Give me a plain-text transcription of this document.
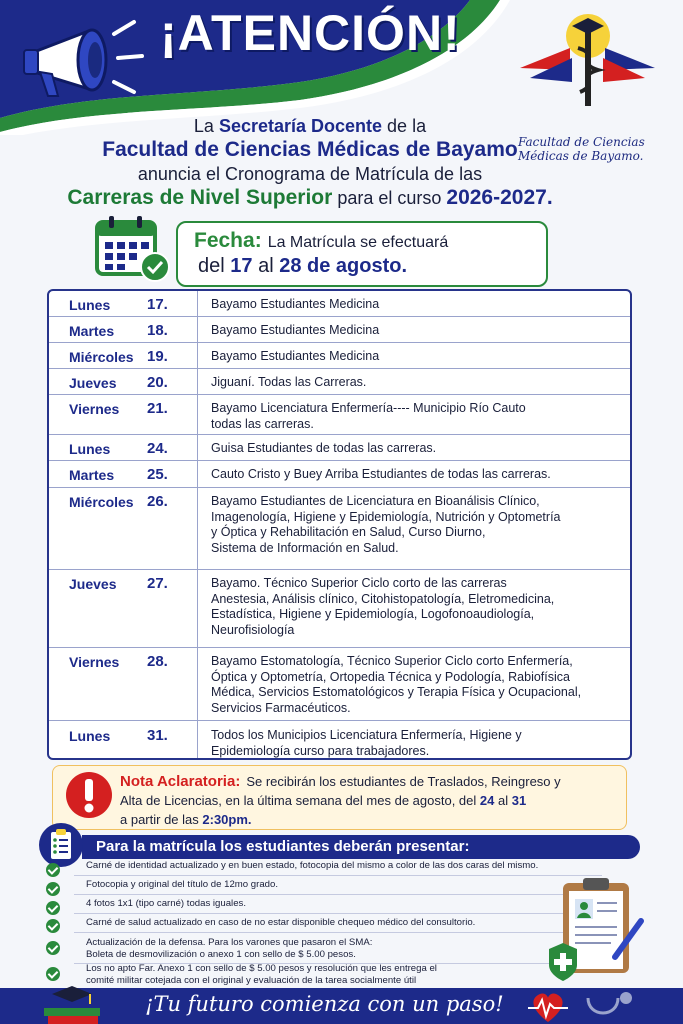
¡ATENCIÓN!
Facultad de Ciencias
Médicas de Bayamo.
La Secretaría Docente de la
Facultad de Ciencias Médicas de Bayamo
anuncia el Cronograma de Matrícula de las
Carreras de Nivel Superior para el curso 2026-2027.
Fecha: La Matrícula se efectuará
del 17 al 28 de agosto.
Lunes 17.	Bayamo Estudiantes Medicina
Martes 18.	Bayamo Estudiantes Medicina
Miércoles 19.	Bayamo Estudiantes Medicina
Jueves 20.	Jiguaní. Todas las Carreras.
Viernes 21.	Bayamo Licenciatura Enfermería---- Municipio Río Cauto
todas las carreras.
Lunes 24.	Guisa Estudiantes de todas las carreras.
Martes 25.	Cauto Cristo y Buey Arriba Estudiantes de todas las carreras.
Miércoles 26.	Bayamo Estudiantes de Licenciatura en Bioanálisis Clínico,
Imagenología, Higiene y Epidemiología, Nutrición y Optometría
y Óptica y Rehabilitación en Salud, Curso Diurno,
Sistema de Información en Salud.
Jueves 27.	Bayamo. Técnico Superior Ciclo corto de las carreras
Anestesia, Análisis clínico, Citohistopatología, Eletromedicina,
Estadística, Higiene y Epidemiología, Logofonoaudiología,
Neurofisiología
Viernes 28.	Bayamo Estomatología, Técnico Superior Ciclo corto Enfermería,
Óptica y Optometría, Ortopedia Técnica y Podología, Rabiofísica
Médica, Servicios Estomatológicos y Terapia Física y Ocupacional,
Servicios Farmacéuticos.
Lunes 31.	Todos los Municipios Licenciatura Enfermería, Higiene y
Epidemiología curso para trabajadores.
Nota Aclaratoria: Se recibirán los estudiantes de Traslados, Reingreso y
Alta de Licencias, en la última semana del mes de agosto, del 24 al 31
a partir de las 2:30pm.
Para la matrícula los estudiantes deberán presentar:
Carné de identidad actualizado y en buen estado, fotocopia del mismo a color de las dos caras del mismo.
Fotocopia y original del título de 12mo grado.
4 fotos 1x1 (tipo carné) todas iguales.
Carné de salud actualizado en caso de no estar disponible chequeo médico del consultorio.
Actualización de la defensa. Para los varones que pasaron el SMA:
Boleta de desmovilización o anexo 1 con sello de $ 5.00 pesos.
Los no apto Far. Anexo 1 con sello de $ 5.00 pesos y resolución que les entrega el
comité militar cotejada con el original y evaluación de la tarea socialmente útil
¡Tu futuro comienza con un paso!
